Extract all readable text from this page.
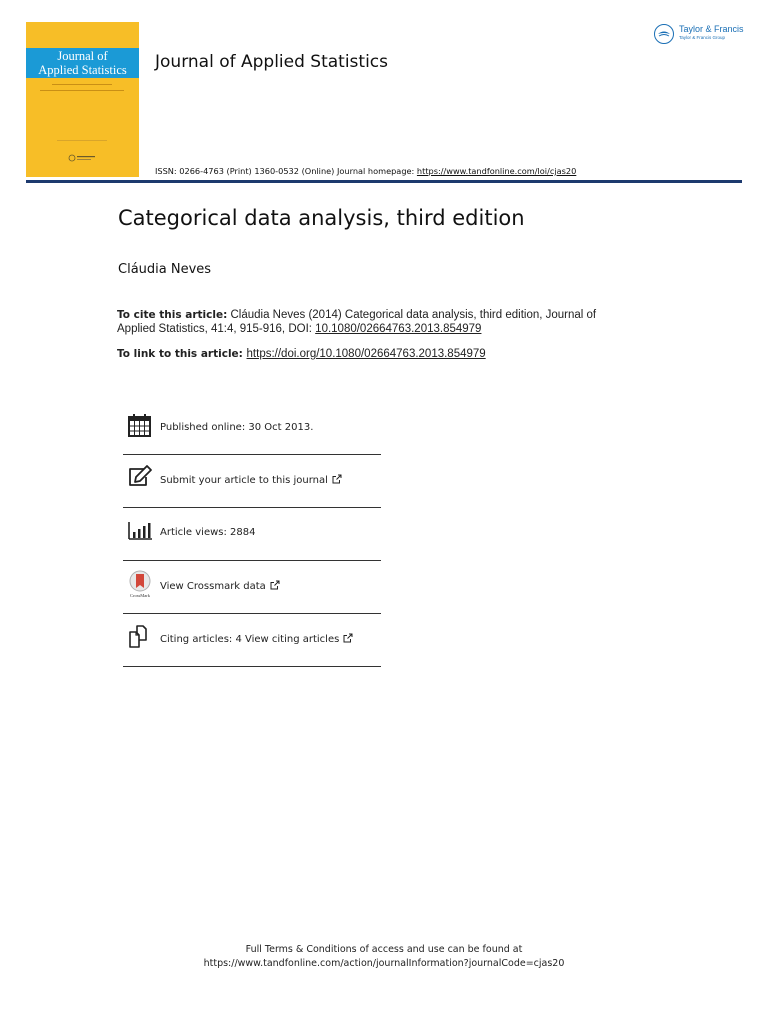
Journal of
Applied Statistics	Journal of Applied Statistics
Taylor & Francis
Taylor & Francis Group
ISSN: 0266-4763 (Print) 1360-0532 (Online) Journal homepage: https://www.tandfonline.com/loi/cjas20
Categorical data analysis, third edition
Cláudia Neves
To cite this article: Cláudia Neves (2014) Categorical data analysis, third edition, Journal of
Applied Statistics, 41:4, 915-916, DOI: 10.1080/02664763.2013.854979
To link to this article: https://doi.org/10.1080/02664763.2013.854979
Published online: 30 Oct 2013.
Submit your article to this journal
Article views: 2884
CrossMark
View Crossmark data
Citing articles: 4 View citing articles
Full Terms & Conditions of access and use can be found at
https://www.tandfonline.com/action/journalInformation?journalCode=cjas20
